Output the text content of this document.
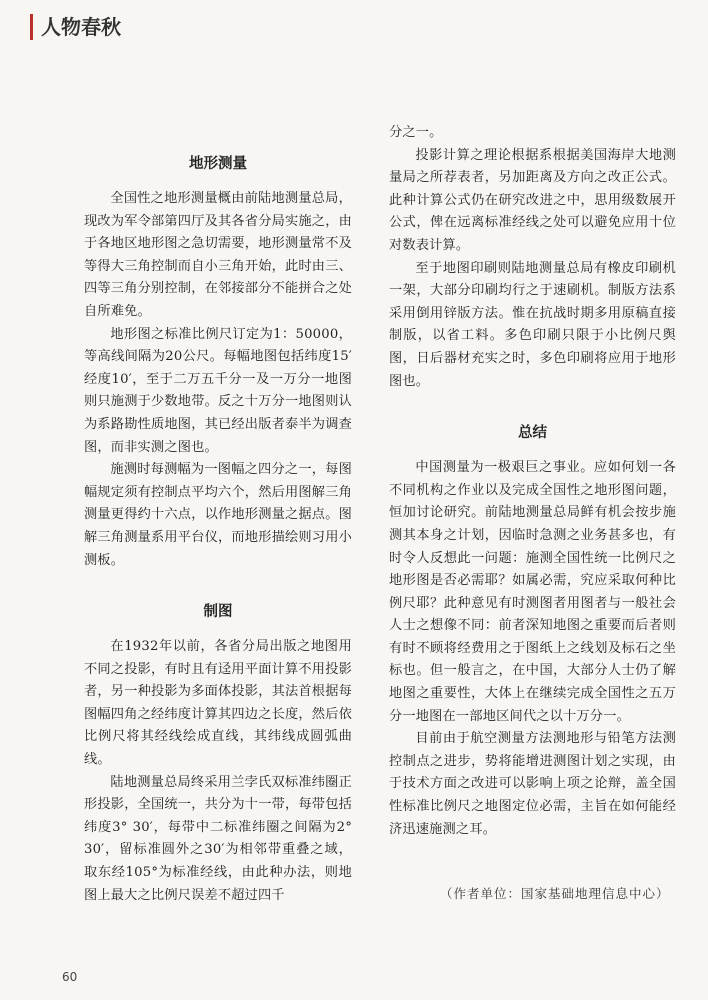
人物春秋
地形测量

全国性之地形测量概由前陆地测量总局，现改为军令部第四厅及其各省分局实施之，由于各地区地形图之急切需要，地形测量常不及等得大三角控制而自小三角开始，此时由三、四等三角分别控制，在邻接部分不能拼合之处自所难免。

地形图之标准比例尺订定为1：50000，等高线间隔为20公尺。每幅地图包括纬度15′经度10′，至于二万五千分一及一万分一地图则只施测于少数地带。反之十万分一地图则认为系路勘性质地图，其已经出版者泰半为调查图，而非实测之图也。

施测时每测幅为一图幅之四分之一，每图幅规定须有控制点平均六个，然后用图解三角测量更得约十六点，以作地形测量之据点。图解三角测量系用平台仪，而地形描绘则习用小测板。

制图

在1932年以前，各省分局出版之地图用不同之投影，有时且有迳用平面计算不用投影者，另一种投影为多面体投影，其法首根据每图幅四角之经纬度计算其四边之长度，然后依比例尺将其经线绘成直线，其纬线成圆弧曲线。

陆地测量总局终采用兰孛氏双标准纬圈正形投影，全国统一，共分为十一带，每带包括纬度3° 30′，每带中二标准纬圈之间隔为2° 30′，留标准圆外之30′为相邻带重叠之域，取东经105°为标准经线，由此种办法，则地图上最大之比例尺误差不超过四千

分之一。

投影计算之理论根据系根据美国海岸大地测量局之所荐表者，另加距离及方向之改正公式。此种计算公式仍在研究改进之中，思用级数展开公式，俾在远离标准经线之处可以避免应用十位对数表计算。

至于地图印刷则陆地测量总局有橡皮印刷机一架，大部分印刷均行之于速刷机。制版方法系采用倒用锌版方法。惟在抗战时期多用原稿直接制版，以省工料。多色印刷只限于小比例尺舆图，日后器材充实之时，多色印刷将应用于地形图也。

总结

中国测量为一极艰巨之事业。应如何划一各不同机构之作业以及完成全国性之地形图问题，恒加讨论研究。前陆地测量总局鲜有机会按步施测其本身之计划，因临时急测之业务甚多也，有时令人反想此一问题：施测全国性统一比例尺之地形图是否必需耶？如属必需，究应采取何种比例尺耶？此种意见有时测图者用图者与一般社会人士之想像不同：前者深知地图之重要而后者则有时不顾将经费用之于图纸上之线划及标石之坐标也。但一般言之，在中国，大部分人士仍了解地图之重要性，大体上在继续完成全国性之五万分一地图在一部地区间代之以十万分一。

目前由于航空测量方法测地形与铅笔方法测控制点之进步，势将能增进测图计划之实现，由于技术方面之改进可以影响上项之论辩，盖全国性标准比例尺之地图定位必需，主旨在如何能经济迅速施测之耳。

（作者单位：国家基础地理信息中心）
60
